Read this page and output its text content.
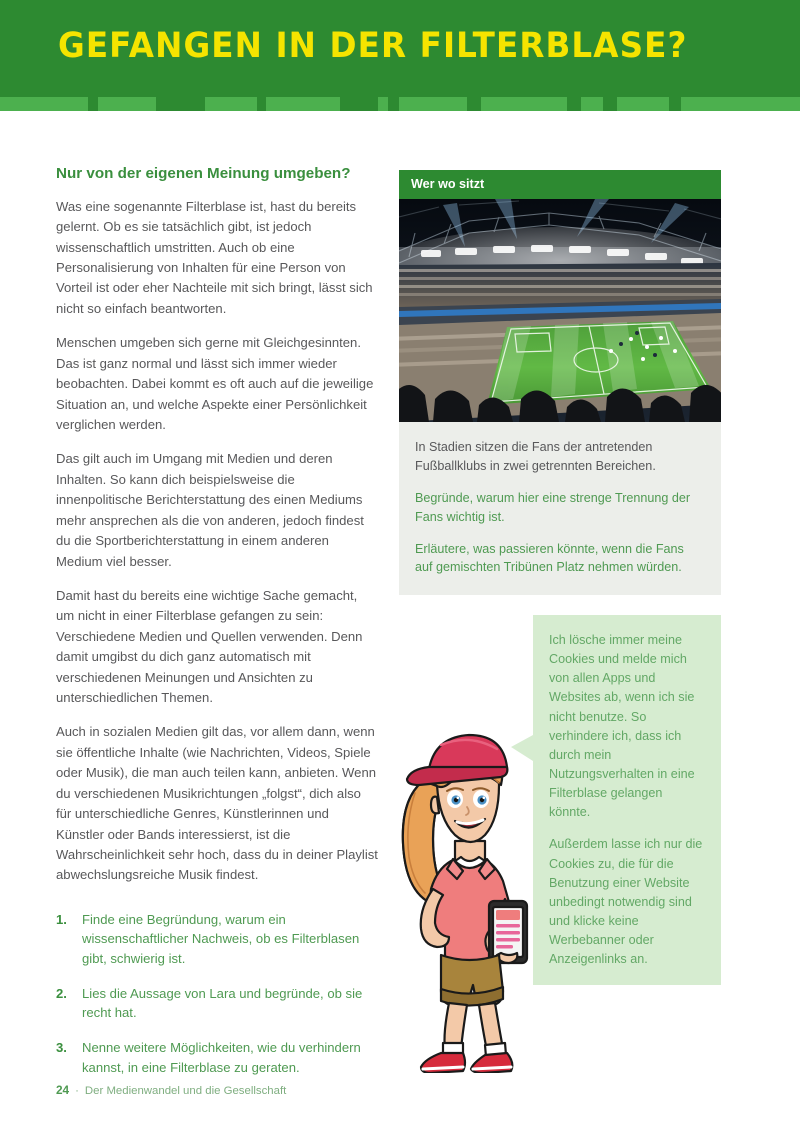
GEFANGEN IN DER FILTERBLASE?
Nur von der eigenen Meinung umgeben?

Was eine sogenannte Filterblase ist, hast du bereits gelernt. Ob es sie tatsächlich gibt, ist jedoch wissenschaftlich umstritten. Auch ob eine Personalisierung von Inhalten für eine Person von Vorteil ist oder eher Nachteile mit sich bringt, lässt sich nicht so einfach beantworten.

Menschen umgeben sich gerne mit Gleichgesinnten. Das ist ganz normal und lässt sich immer wieder beobachten. Dabei kommt es oft auch auf die jeweilige Situation an, und welche Aspekte einer Persönlichkeit verglichen werden.

Das gilt auch im Umgang mit Medien und deren Inhalten. So kann dich beispielsweise die innenpolitische Berichterstattung des einen Mediums mehr ansprechen als die von anderen, jedoch findest du die Sportberichterstattung in einem anderen Medium viel besser.

Damit hast du bereits eine wichtige Sache gemacht, um nicht in einer Filterblase gefangen zu sein: Verschiedene Medien und Quellen verwenden. Denn damit umgibst du dich ganz automatisch mit verschiedenen Meinungen und Ansichten zu unterschiedlichen Themen.

Auch in sozialen Medien gilt das, vor allem dann, wenn sie öffentliche Inhalte (wie Nachrichten, Videos, Spiele oder Musik), die man auch teilen kann, anbieten. Wenn du verschiedenen Musikrichtungen „folgst“, dich also für unterschiedliche Genres, Künstlerinnen und Künstler oder Bands interessierst, ist die Wahrscheinlichkeit sehr hoch, dass du in deiner Playlist abwechslungsreiche Musik findest.

1.	Finde eine Begründung, warum ein wissenschaftlicher Nachweis, ob es Filterblasen gibt, schwierig ist.
2.	Lies die Aussage von Lara und begründe, ob sie recht hat.
3.	Nenne weitere Möglichkeiten, wie du verhindern kannst, in eine Filterblase zu geraten.
Wer wo sitzt

In Stadien sitzen die Fans der antretenden Fußballklubs in zwei getrennten Bereichen.

Begründe, warum hier eine strenge Trennung der Fans wichtig ist.

Erläutere, was passieren könnte, wenn die Fans auf gemischten Tribünen Platz nehmen würden.

Ich lösche immer meine Cookies und melde mich von allen Apps und Websites ab, wenn ich sie nicht benutze. So verhindere ich, dass ich durch mein Nutzungsverhalten in eine Filterblase gelangen könnte.

Außerdem lasse ich nur die Cookies zu, die für die Benutzung einer Website unbedingt notwendig sind und klicke keine Werbebanner oder Anzeigenlinks an.

24 · Der Medienwandel und die Gesellschaft
